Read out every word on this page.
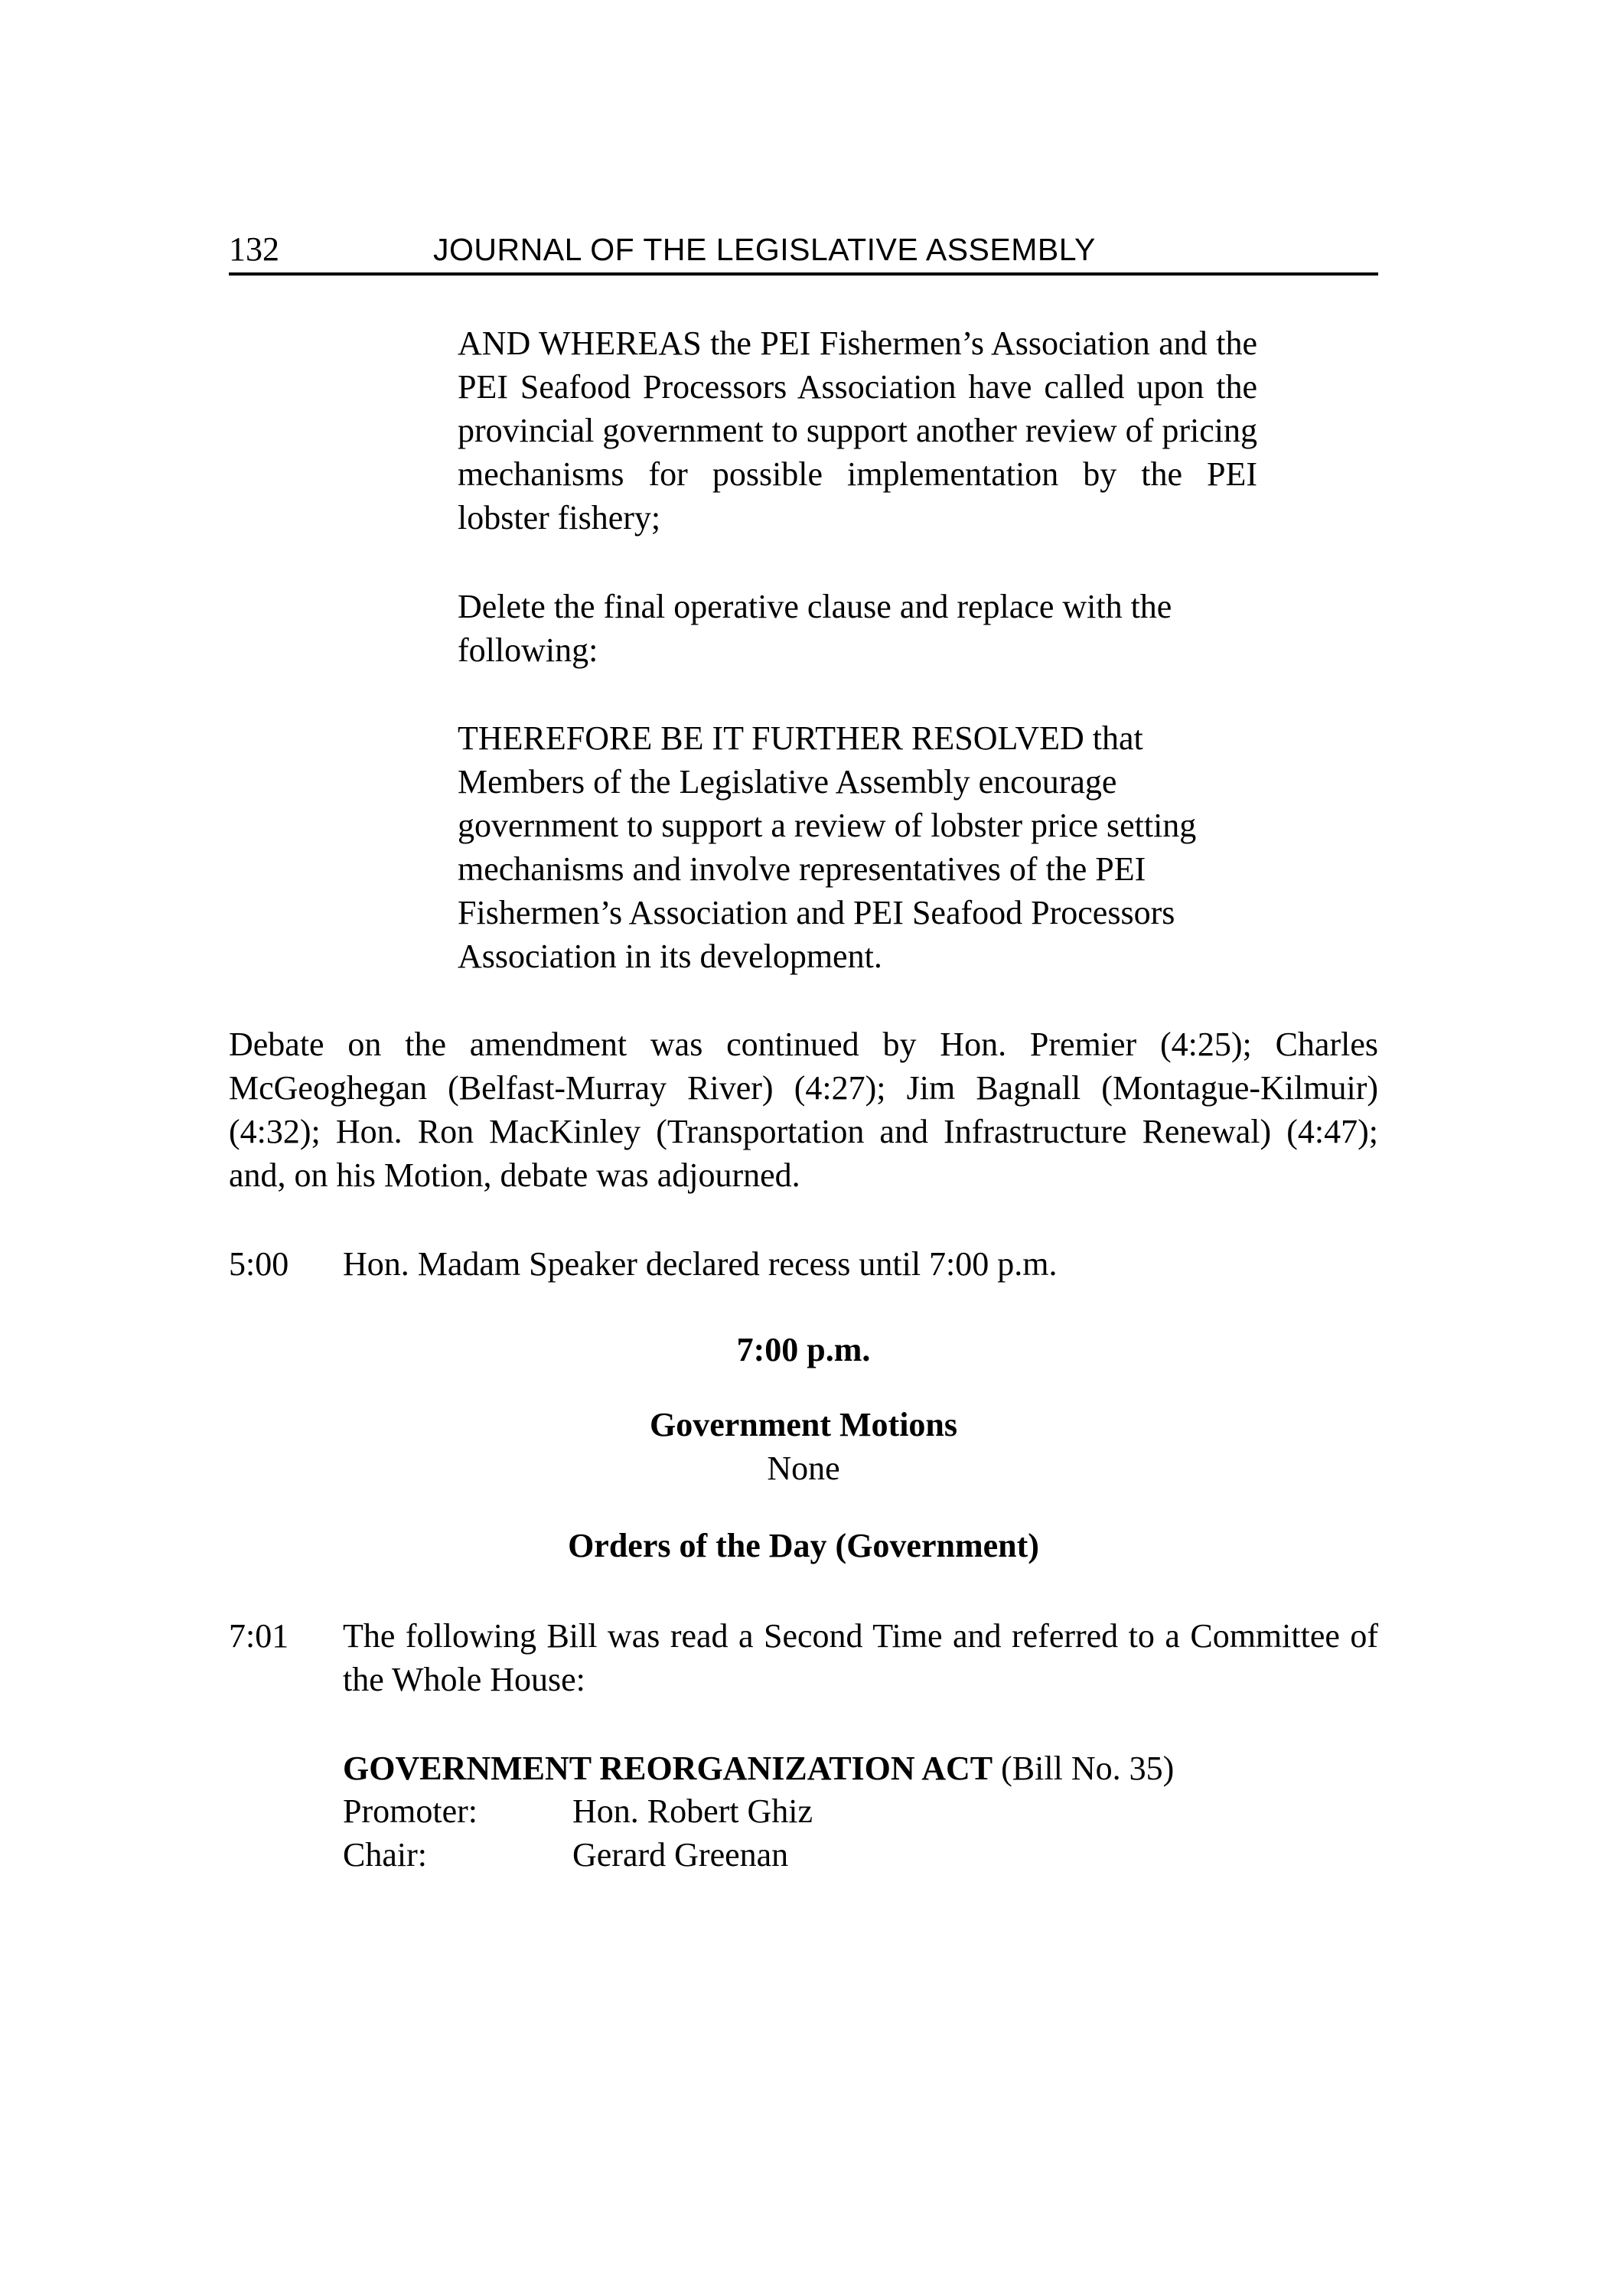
132	JOURNAL OF THE LEGISLATIVE ASSEMBLY
AND WHEREAS the PEI Fishermen’s Association and the PEI Seafood Processors Association have called upon the provincial government to support another review of pricing mechanisms for possible implementation by the PEI lobster fishery;
Delete the final operative clause and replace with the following:
THEREFORE BE IT FURTHER RESOLVED that Members of the Legislative Assembly encourage government to support a review of lobster price setting mechanisms and involve representatives of the PEI Fishermen’s Association and PEI Seafood Processors Association in its development.
Debate on the amendment was continued by Hon. Premier (4:25); Charles McGeoghegan (Belfast-Murray River) (4:27); Jim Bagnall (Montague-Kilmuir) (4:32); Hon. Ron MacKinley (Transportation and Infrastructure Renewal) (4:47); and, on his Motion, debate was adjourned.
5:00	Hon. Madam Speaker declared recess until 7:00 p.m.
7:00 p.m.
Government Motions
None
Orders of the Day (Government)
7:01	The following Bill was read a Second Time and referred to a Committee of the Whole House:
GOVERNMENT REORGANIZATION ACT (Bill No. 35)
Promoter:	Hon. Robert Ghiz
Chair:	Gerard Greenan
